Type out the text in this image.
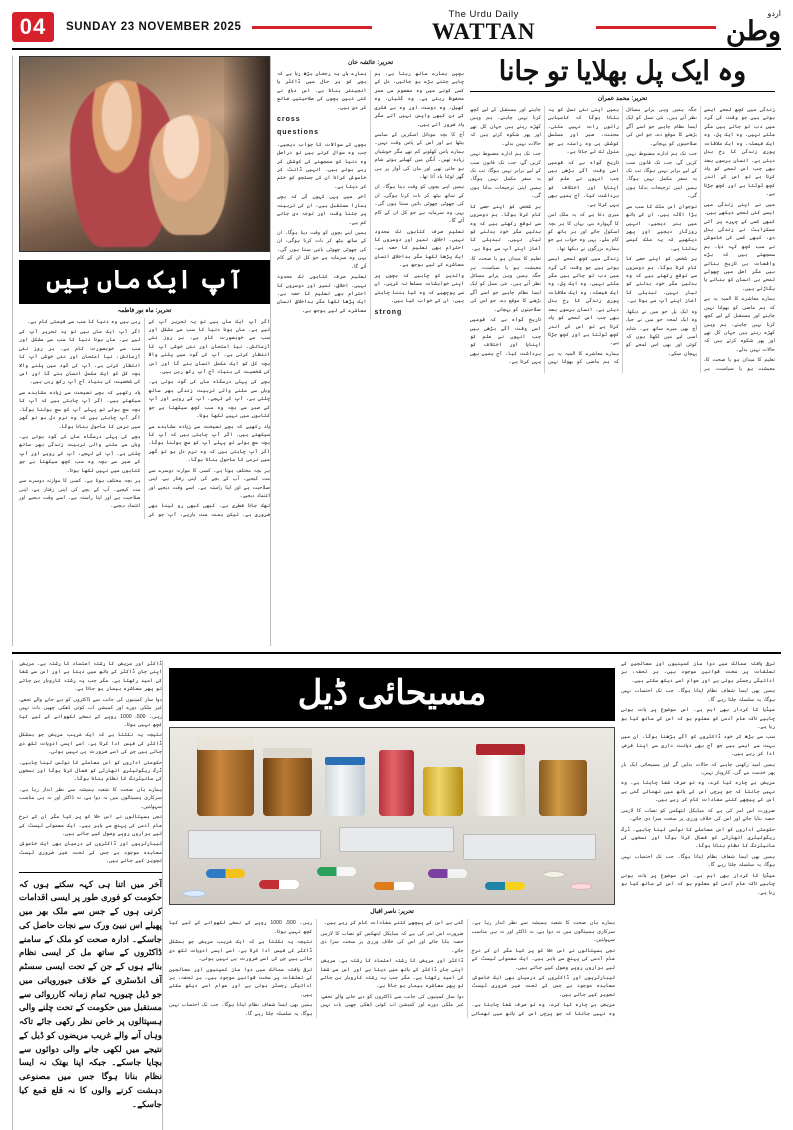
04	SUNDAY 23 NOVEMBER 2025
The Urdu Daily
WATTAN
اردو
وطن
آپ ایک ماں ہیں
تحریر: ماہ نور فاطمہ

اگر آپ ایک ماں ہیں تو یہ تحریر آپ کے لیے ہے۔ ماں ہونا دنیا کا سب سے مشکل اور سب سے خوبصورت کام ہے۔ ہر روز نئی آزمائش، نیا امتحان اور نئی خوشی آپ کا انتظار کرتی ہے۔ آپ کی گود میں پلنے والا بچہ کل کو ایک مکمل انسان بنے گا اور اس کی شخصیت کی بنیاد آج آپ رکھ رہی ہیں۔

بچے کی پہلی درسگاہ ماں کی گود ہوتی ہے۔ وہاں سے ملنے والی تربیت زندگی بھر ساتھ چلتی ہے۔ آپ کے لہجے، آپ کے رویے اور آپ کے صبر سے بچہ وہ سب کچھ سیکھتا ہے جو کتابوں میں نہیں لکھا ہوتا۔

یاد رکھیے کہ بچے نصیحت سے زیادہ مشاہدے سے سیکھتے ہیں۔ اگر آپ چاہتی ہیں کہ آپ کا بچہ سچ بولے تو پہلے آپ کو سچ بولنا ہوگا۔ اگر آپ چاہتی ہیں کہ وہ نرم دل ہو تو گھر میں نرمی کا ماحول بنانا ہوگا۔

ہر بچہ مختلف ہوتا ہے۔ کسی کا موازنہ دوسرے سے مت کیجیے۔ آپ کے بچے کی اپنی رفتار ہے، اپنی صلاحیت ہے اور اپنا راستہ ہے۔ اسے وقت دیجیے اور اعتماد دیجیے۔

تھک جانا فطری ہے۔ کبھی کبھی رو لینا بھی ضروری ہے۔ لیکن ہمت مت ہاریے، آپ جو کر رہی ہیں وہ دنیا کا سب سے قیمتی کام ہے۔

اگر آپ ایک ماں ہیں تو یہ تحریر آپ کے لیے ہے۔ ماں ہونا دنیا کا سب سے مشکل اور سب سے خوبصورت کام ہے۔ ہر روز نئی آزمائش، نیا امتحان اور نئی خوشی آپ کا انتظار کرتی ہے۔ آپ کی گود میں پلنے والا بچہ کل کو ایک مکمل انسان بنے گا اور اس کی شخصیت کی بنیاد آج آپ رکھ رہی ہیں۔

یاد رکھیے کہ بچے نصیحت سے زیادہ مشاہدے سے سیکھتے ہیں۔ اگر آپ چاہتی ہیں کہ آپ کا بچہ سچ بولے تو پہلے آپ کو سچ بولنا ہوگا۔ اگر آپ چاہتی ہیں کہ وہ نرم دل ہو تو گھر میں نرمی کا ماحول بنانا ہوگا۔

بچے کی پہلی درسگاہ ماں کی گود ہوتی ہے۔ وہاں سے ملنے والی تربیت زندگی بھر ساتھ چلتی ہے۔ آپ کے لہجے، آپ کے رویے اور آپ کے صبر سے بچہ وہ سب کچھ سیکھتا ہے جو کتابوں میں نہیں لکھا ہوتا۔

ہر بچہ مختلف ہوتا ہے۔ کسی کا موازنہ دوسرے سے مت کیجیے۔ آپ کے بچے کی اپنی رفتار ہے، اپنی صلاحیت ہے اور اپنا راستہ ہے۔ اسے وقت دیجیے اور اعتماد دیجیے۔

تحریر: عائشہ خان

بچپن ہمارے ساتھ رہتا ہے، ہم چاہے جتنے بڑے ہو جائیں، دل کے کسی کونے میں وہ معصوم سی عمر محفوظ رہتی ہے۔ وہ گلیاں، وہ کھیل، وہ دوست اور وہ بے فکری کے دن کبھی واپس نہیں آتے مگر یاد ضرور آتے ہیں۔

آج کا بچہ موبائل اسکرین کے سامنے بیٹھا ہے اور اس کے پاس وقت نہیں۔ ہمارے پاس کھلونے کم تھے مگر خوشیاں زیادہ تھیں۔ آنگن میں کھیلتے ہوئے شام ہو جاتی تھی اور ماں کی آواز پر ہی گھر لوٹنا یاد آتا تھا۔

ہمیں اپنے بچوں کو وقت دینا ہوگا۔ ان کے ساتھ بیٹھ کر بات کرنا ہوگی، ان کی چھوٹی چھوٹی باتیں سننا ہوں گی۔ یہی وہ سرمایہ ہے جو کل ان کے کام آئے گا۔

تعلیم صرف کتابوں تک محدود نہیں۔ اخلاق، تمیز اور دوسروں کا احترام بھی تعلیم کا حصہ ہے۔ ایک پڑھا لکھا مگر بداخلاق انسان معاشرے کے لیے بوجھ ہے۔

والدین کو چاہیے کہ بچوں پر اپنی خواہشات مسلط نہ کریں۔ ان سے پوچھیے کہ وہ کیا بننا چاہتے ہیں، ان کے خواب کیا ہیں۔

strong

ہمارے ہاں یہ رجحان بڑھ رہا ہے کہ بچے کو ہر حال میں ڈاکٹر یا انجینئر بنانا ہے۔ اس دباؤ نے کئی ذہین بچوں کی صلاحیتیں ضائع کر دی ہیں۔

cross
questions

بچوں کے سوالات کا جواب دیجیے۔ جب وہ سوال کرتے ہیں تو دراصل وہ دنیا کو سمجھنے کی کوشش کر رہے ہوتے ہیں۔ انہیں ڈانٹ کر خاموش کرانا ان کی جستجو کو ختم کر دیتا ہے۔

آخر میں یہی کہوں گی کہ بچے ہمارا مستقبل ہیں، ان کی تربیت پر جتنا وقت اور توجہ دی جائے کم ہے۔

ہمیں اپنے بچوں کو وقت دینا ہوگا۔ ان کے ساتھ بیٹھ کر بات کرنا ہوگی، ان کی چھوٹی چھوٹی باتیں سننا ہوں گی۔ یہی وہ سرمایہ ہے جو کل ان کے کام آئے گا۔

تعلیم صرف کتابوں تک محدود نہیں۔ اخلاق، تمیز اور دوسروں کا احترام بھی تعلیم کا حصہ ہے۔ ایک پڑھا لکھا مگر بداخلاق انسان معاشرے کے لیے بوجھ ہے۔

وہ ایک پل بھلایا تو جانا
تحریر: محمد عمران

زندگی میں کچھ لمحے ایسے ہوتے ہیں جو وقت کی گرد میں دب تو جاتے ہیں مگر مٹتے نہیں۔ وہ ایک پل، وہ ایک فیصلہ، وہ ایک ملاقات پوری زندگی کا رخ بدل دیتی ہے۔ انسان برسوں بعد بھی جب اس لمحے کو یاد کرتا ہے تو اس کے اندر کچھ ٹوٹتا ہے اور کچھ جڑتا ہے۔

میں نے اپنی زندگی میں ایسے کئی لمحے دیکھے ہیں۔ کبھی کسی کے چہرے پر آئی مسکراہٹ نے زندگی بدل دی، کبھی کسی کی خاموشی نے سب کچھ کہہ دیا۔ ہم سمجھتے ہیں کہ بڑے واقعات ہی تاریخ بناتے ہیں مگر اصل میں چھوٹے لمحے ہی انسان کو بناتے یا بگاڑتے ہیں۔

ہمارے معاشرے کا المیہ یہ ہے کہ ہم ماضی کو بھولنا نہیں چاہتے اور مستقبل کے لیے کچھ کرنا نہیں چاہتے۔ ہم وہیں کھڑے رہتے ہیں جہاں کل تھے اور پھر شکوہ کرتے ہیں کہ حالات نہیں بدلے۔

تعلیم کا میدان ہو یا صحت کا، معیشت ہو یا سیاست، ہر جگہ ہمیں وہی پرانے مسائل نظر آتے ہیں۔ نئی نسل کو ایک ایسا نظام چاہیے جو اسے آگے بڑھنے کا موقع دے، جو اس کی صلاحیتوں کو پہچانے۔

جب تک ہم ادارے مضبوط نہیں کریں گے، جب تک قانون سب کے لیے برابر نہیں ہوگا، تب تک یہ سفر مکمل نہیں ہوگا۔ ہمیں اپنی ترجیحات بدلنا ہوں گی۔

نوجوان اس ملک کا سب سے بڑا اثاثہ ہیں۔ ان کے ہاتھ میں ہنر دیجیے، انہیں روزگار دیجیے اور پھر دیکھیے کہ یہ ملک کیسے بدلتا ہے۔

ہر شخص کو اپنے حصے کا کام کرنا ہوگا۔ ہم دوسروں سے توقع رکھتے ہیں کہ وہ بدلیں مگر خود بدلنے کو تیار نہیں۔ تبدیلی کا آغاز اپنے آپ سے ہوتا ہے۔

وہ ایک پل جو میں نے دیکھا، وہ ایک لمحہ جو میں نے جیا، آج بھی میرے ساتھ ہے۔ شاید اسی لیے میں لکھتا ہوں کہ کوئی اور بھی اس لمحے کو پہچان سکے۔

ہمیں اپنی نئی نسل کو یہ بتانا ہوگا کہ کامیابی راتوں رات نہیں ملتی۔ محنت، صبر اور مسلسل کوشش ہی وہ راستہ ہے جو منزل تک لے جاتا ہے۔

تاریخ گواہ ہے کہ قومیں اسی وقت آگے بڑھی ہیں جب انہوں نے علم کو اپنایا اور اختلاف کو برداشت کیا۔ آج ہمیں بھی یہی کرنا ہے۔

میری دعا ہے کہ یہ ملک امن کا گہوارہ بنے، یہاں کا ہر بچہ اسکول جائے اور ہر ہاتھ کو کام ملے۔ یہی وہ خواب ہے جو ہمارے بزرگوں نے دیکھا تھا۔

زندگی میں کچھ لمحے ایسے ہوتے ہیں جو وقت کی گرد میں دب تو جاتے ہیں مگر مٹتے نہیں۔ وہ ایک پل، وہ ایک فیصلہ، وہ ایک ملاقات پوری زندگی کا رخ بدل دیتی ہے۔ انسان برسوں بعد بھی جب اس لمحے کو یاد کرتا ہے تو اس کے اندر کچھ ٹوٹتا ہے اور کچھ جڑتا ہے۔

ہمارے معاشرے کا المیہ یہ ہے کہ ہم ماضی کو بھولنا نہیں چاہتے اور مستقبل کے لیے کچھ کرنا نہیں چاہتے۔ ہم وہیں کھڑے رہتے ہیں جہاں کل تھے اور پھر شکوہ کرتے ہیں کہ حالات نہیں بدلے۔

جب تک ہم ادارے مضبوط نہیں کریں گے، جب تک قانون سب کے لیے برابر نہیں ہوگا، تب تک یہ سفر مکمل نہیں ہوگا۔ ہمیں اپنی ترجیحات بدلنا ہوں گی۔

ہر شخص کو اپنے حصے کا کام کرنا ہوگا۔ ہم دوسروں سے توقع رکھتے ہیں کہ وہ بدلیں مگر خود بدلنے کو تیار نہیں۔ تبدیلی کا آغاز اپنے آپ سے ہوتا ہے۔

تعلیم کا میدان ہو یا صحت کا، معیشت ہو یا سیاست، ہر جگہ ہمیں وہی پرانے مسائل نظر آتے ہیں۔ نئی نسل کو ایک ایسا نظام چاہیے جو اسے آگے بڑھنے کا موقع دے، جو اس کی صلاحیتوں کو پہچانے۔

تاریخ گواہ ہے کہ قومیں اسی وقت آگے بڑھی ہیں جب انہوں نے علم کو اپنایا اور اختلاف کو برداشت کیا۔ آج ہمیں بھی یہی کرنا ہے۔

ڈاکٹر اور مریض کا رشتہ اعتماد کا رشتہ ہے۔ مریض اپنی جان ڈاکٹر کے ہاتھ میں دیتا ہے اور اس سے شفا کی امید رکھتا ہے۔ مگر جب یہ رشتہ کاروبار بن جائے تو پھر معاشرہ بیمار ہو جاتا ہے۔

دوا ساز کمپنیوں کی جانب سے ڈاکٹروں کو دیے جانے والے تحفے، غیر ملکی دورے اور کمیشن اب کوئی ڈھکی چھپی بات نہیں رہی۔ 500، 1000 روپے کے نسخے لکھوانے کے لیے کیا کچھ نہیں ہوتا۔

نتیجہ یہ نکلتا ہے کہ ایک غریب مریض جو بمشکل ڈاکٹر کی فیس ادا کرتا ہے، اسے ایسی ادویات لکھ دی جاتی ہیں جن کی اسے ضرورت ہی نہیں ہوتی۔

حکومتی اداروں کو اس معاملے کا نوٹس لینا چاہیے۔ ڈرگ ریگولیٹری اتھارٹی کو فعال کرنا ہوگا اور نسخوں کی مانیٹرنگ کا نظام بنانا ہوگا۔

ہمارے ہاں صحت کا شعبہ ہمیشہ سے نظر انداز رہا ہے۔ سرکاری ہسپتالوں میں نہ دوا ہے، نہ ڈاکٹر اور نہ ہی مناسب سہولتیں۔

نجی ہسپتالوں نے اس خلا کو پر کیا مگر ان کے نرخ عام آدمی کی پہنچ سے باہر ہیں۔ ایک معمولی ٹیسٹ کے لیے ہزاروں روپے وصول کیے جاتے ہیں۔

لیبارٹریوں اور ڈاکٹروں کے درمیان بھی ایک خاموش معاہدہ موجود ہے جس کے تحت غیر ضروری ٹیسٹ تجویز کیے جاتے ہیں۔

آخر میں اتنا ہی کہہ سکتے ہوں کہ حکومت کو فوری طور پر ایسی اقدامات کرنی ہوں کے جس سے ملک بھر میں پھیلے اس نبیئ ورک سے نجات حاصل کی جاسکے۔ ادارہ صحت کو ملک کے سامنے ڈاکٹروں کے ساتھ مل کر ایسی نظام بنائے ہوں کے جن کے تحت ایسی سسٹم آف انڈسٹری کے خلاف جیورویاتی میں جو ڈیل چیورپہ تمام زمانہ کارروائی سے مستقبل میں حکومت کے تحت چلنے والی ہسپتالوں پر خاص نظر رکھی جائے تاکہ وہاں آنے والے غریب مریضوں کو ڈیل کے نتیجے میں لکھی جانے والی دوائوں سے بچایا جاسکے۔ جبکہ اپنا بھتک نہ ایسا نظام بنانا ہوگا جس میں مصنوعی دہشت کرنے والوں کا نہ قلع قمع کیا جاسکے۔
مسیحائی ڈیل
تحریر: ناصر اقبال

ہمارے ہاں صحت کا شعبہ ہمیشہ سے نظر انداز رہا ہے۔ سرکاری ہسپتالوں میں نہ دوا ہے، نہ ڈاکٹر اور نہ ہی مناسب سہولتیں۔

نجی ہسپتالوں نے اس خلا کو پر کیا مگر ان کے نرخ عام آدمی کی پہنچ سے باہر ہیں۔ ایک معمولی ٹیسٹ کے لیے ہزاروں روپے وصول کیے جاتے ہیں۔

لیبارٹریوں اور ڈاکٹروں کے درمیان بھی ایک خاموش معاہدہ موجود ہے جس کے تحت غیر ضروری ٹیسٹ تجویز کیے جاتے ہیں۔

مریض بے چارہ کیا کرے، وہ تو صرف شفا چاہتا ہے۔ وہ نہیں جانتا کہ جو پرچی اس کے ہاتھ میں تھمائی گئی ہے اس کے پیچھے کتنے مفادات کام کر رہے ہیں۔

ضرورت اس امر کی ہے کہ میڈیکل ایتھکس کو نصاب کا لازمی حصہ بنایا جائے اور اس کی خلاف ورزی پر سخت سزا دی جائے۔

ڈاکٹر اور مریض کا رشتہ اعتماد کا رشتہ ہے۔ مریض اپنی جان ڈاکٹر کے ہاتھ میں دیتا ہے اور اس سے شفا کی امید رکھتا ہے۔ مگر جب یہ رشتہ کاروبار بن جائے تو پھر معاشرہ بیمار ہو جاتا ہے۔

دوا ساز کمپنیوں کی جانب سے ڈاکٹروں کو دیے جانے والے تحفے، غیر ملکی دورے اور کمیشن اب کوئی ڈھکی چھپی بات نہیں رہی۔ 500، 1000 روپے کے نسخے لکھوانے کے لیے کیا کچھ نہیں ہوتا۔

نتیجہ یہ نکلتا ہے کہ ایک غریب مریض جو بمشکل ڈاکٹر کی فیس ادا کرتا ہے، اسے ایسی ادویات لکھ دی جاتی ہیں جن کی اسے ضرورت ہی نہیں ہوتی۔

ترقی یافتہ ممالک میں دوا ساز کمپنیوں اور معالجین کے تعلقات پر سخت قوانین موجود ہیں۔ ہر تحفہ، ہر ادائیگی رجسٹر ہوتی ہے اور عوام اسے دیکھ سکتے ہیں۔

ہمیں بھی ایسا شفاف نظام اپنانا ہوگا۔ جب تک احتساب نہیں ہوگا، یہ سلسلہ چلتا رہے گا۔

ترقی یافتہ ممالک میں دوا ساز کمپنیوں اور معالجین کے تعلقات پر سخت قوانین موجود ہیں۔ ہر تحفہ، ہر ادائیگی رجسٹر ہوتی ہے اور عوام اسے دیکھ سکتے ہیں۔

ہمیں بھی ایسا شفاف نظام اپنانا ہوگا۔ جب تک احتساب نہیں ہوگا، یہ سلسلہ چلتا رہے گا۔

میڈیا کا کردار بھی اہم ہے۔ اس موضوع پر بات ہونی چاہیے تاکہ عام آدمی کو معلوم ہو کہ اس کے ساتھ کیا ہو رہا ہے۔

سب سے بڑھ کر خود ڈاکٹروں کو آگے بڑھنا ہوگا۔ ان میں بہت سے ایسے ہیں جو آج بھی دیانت داری سے اپنا فرض ادا کر رہے ہیں۔

ہمیں امید رکھنی چاہیے کہ حالات بدلیں گے اور مسیحائی ایک بار پھر خدمت بنے گی، کاروبار نہیں۔

مریض بے چارہ کیا کرے، وہ تو صرف شفا چاہتا ہے۔ وہ نہیں جانتا کہ جو پرچی اس کے ہاتھ میں تھمائی گئی ہے اس کے پیچھے کتنے مفادات کام کر رہے ہیں۔

ضرورت اس امر کی ہے کہ میڈیکل ایتھکس کو نصاب کا لازمی حصہ بنایا جائے اور اس کی خلاف ورزی پر سخت سزا دی جائے۔

حکومتی اداروں کو اس معاملے کا نوٹس لینا چاہیے۔ ڈرگ ریگولیٹری اتھارٹی کو فعال کرنا ہوگا اور نسخوں کی مانیٹرنگ کا نظام بنانا ہوگا۔

ہمیں بھی ایسا شفاف نظام اپنانا ہوگا۔ جب تک احتساب نہیں ہوگا، یہ سلسلہ چلتا رہے گا۔

میڈیا کا کردار بھی اہم ہے۔ اس موضوع پر بات ہونی چاہیے تاکہ عام آدمی کو معلوم ہو کہ اس کے ساتھ کیا ہو رہا ہے۔
